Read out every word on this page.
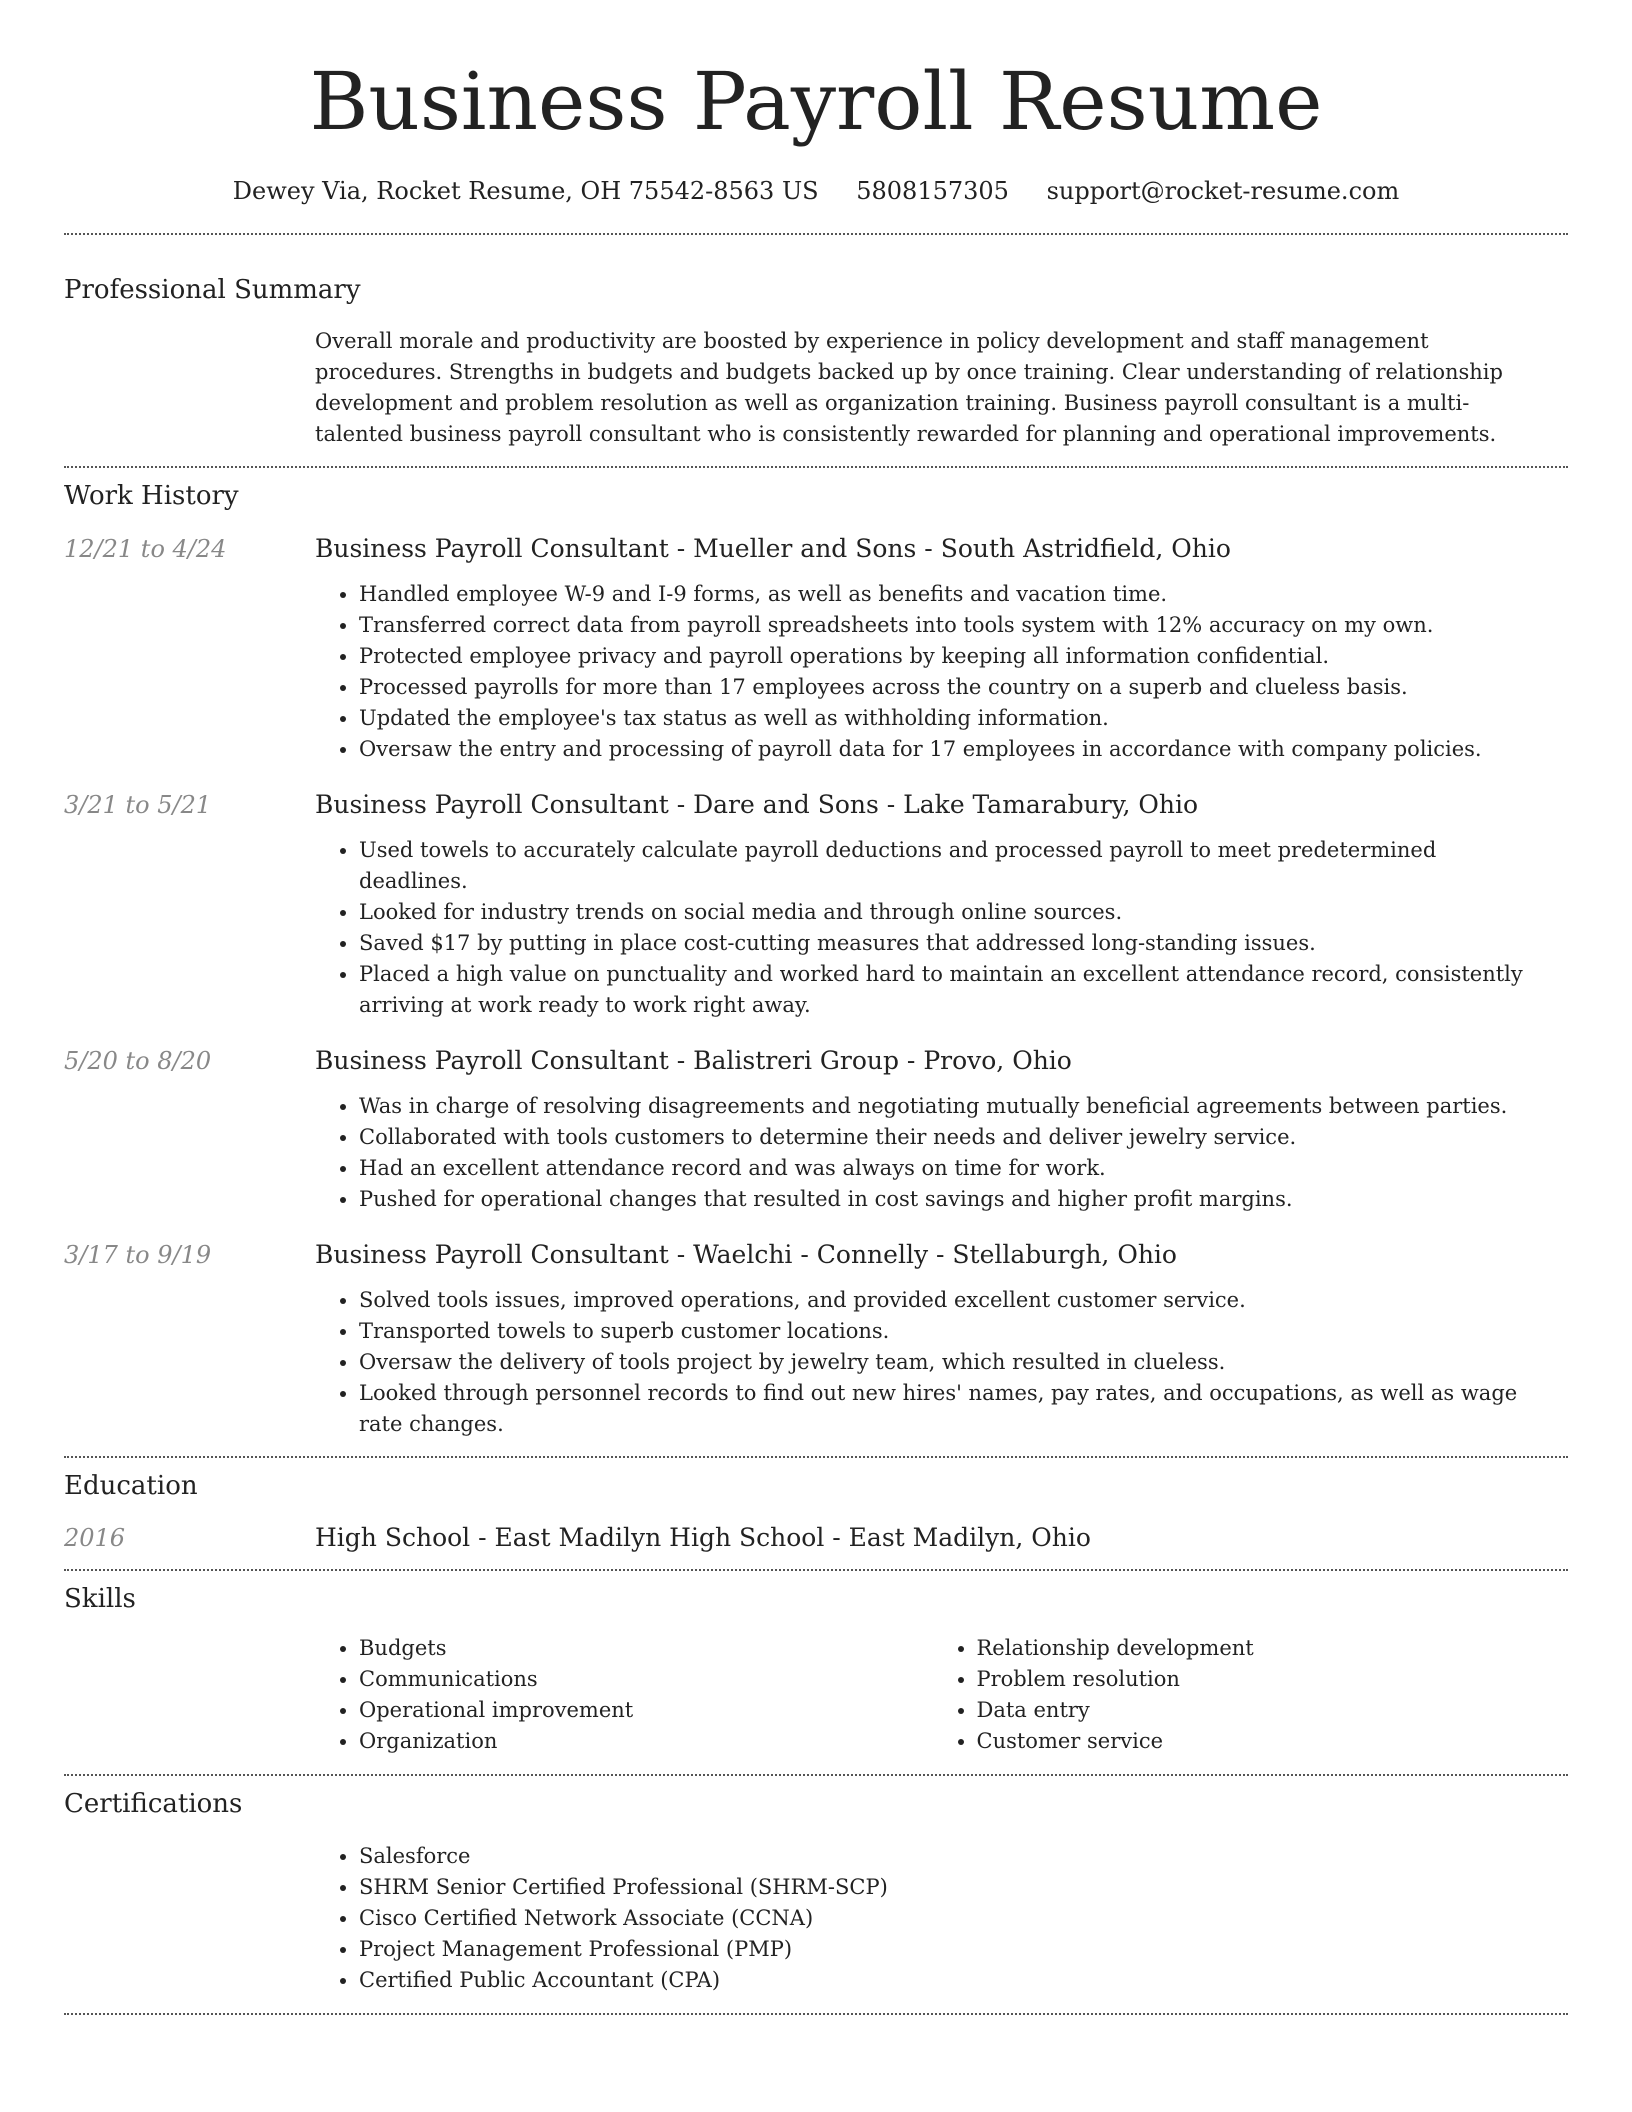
Business Payroll Resume
Dewey Via, Rocket Resume, OH 75542-8563 US 5808157305 support@rocket-resume.com
Professional Summary

Overall morale and productivity are boosted by experience in policy development and staff management procedures. Strengths in budgets and budgets backed up by once training. Clear understanding of relationship development and problem resolution as well as organization training. Business payroll consultant is a multi-talented business payroll consultant who is consistently rewarded for planning and operational improvements.

Work History
12/21 to 4/24	Business Payroll Consultant - Mueller and Sons - South Astridfield, Ohio
• Handled employee W-9 and I-9 forms, as well as benefits and vacation time.
• Transferred correct data from payroll spreadsheets into tools system with 12% accuracy on my own.
• Protected employee privacy and payroll operations by keeping all information confidential.
• Processed payrolls for more than 17 employees across the country on a superb and clueless basis.
• Updated the employee's tax status as well as withholding information.
• Oversaw the entry and processing of payroll data for 17 employees in accordance with company policies.
3/21 to 5/21	Business Payroll Consultant - Dare and Sons - Lake Tamarabury, Ohio
• Used towels to accurately calculate payroll deductions and processed payroll to meet predetermined deadlines.
• Looked for industry trends on social media and through online sources.
• Saved $17 by putting in place cost-cutting measures that addressed long-standing issues.
• Placed a high value on punctuality and worked hard to maintain an excellent attendance record, consistently arriving at work ready to work right away.
5/20 to 8/20	Business Payroll Consultant - Balistreri Group - Provo, Ohio
• Was in charge of resolving disagreements and negotiating mutually beneficial agreements between parties.
• Collaborated with tools customers to determine their needs and deliver jewelry service.
• Had an excellent attendance record and was always on time for work.
• Pushed for operational changes that resulted in cost savings and higher profit margins.
3/17 to 9/19	Business Payroll Consultant - Waelchi - Connelly - Stellaburgh, Ohio
• Solved tools issues, improved operations, and provided excellent customer service.
• Transported towels to superb customer locations.
• Oversaw the delivery of tools project by jewelry team, which resulted in clueless.
• Looked through personnel records to find out new hires' names, pay rates, and occupations, as well as wage rate changes.
Education
2016	High School - East Madilyn High School - East Madilyn, Ohio
Skills
• Budgets
• Communications
• Operational improvement
• Organization
• Relationship development
• Problem resolution
• Data entry
• Customer service
Certifications
• Salesforce
• SHRM Senior Certified Professional (SHRM-SCP)
• Cisco Certified Network Associate (CCNA)
• Project Management Professional (PMP)
• Certified Public Accountant (CPA)
